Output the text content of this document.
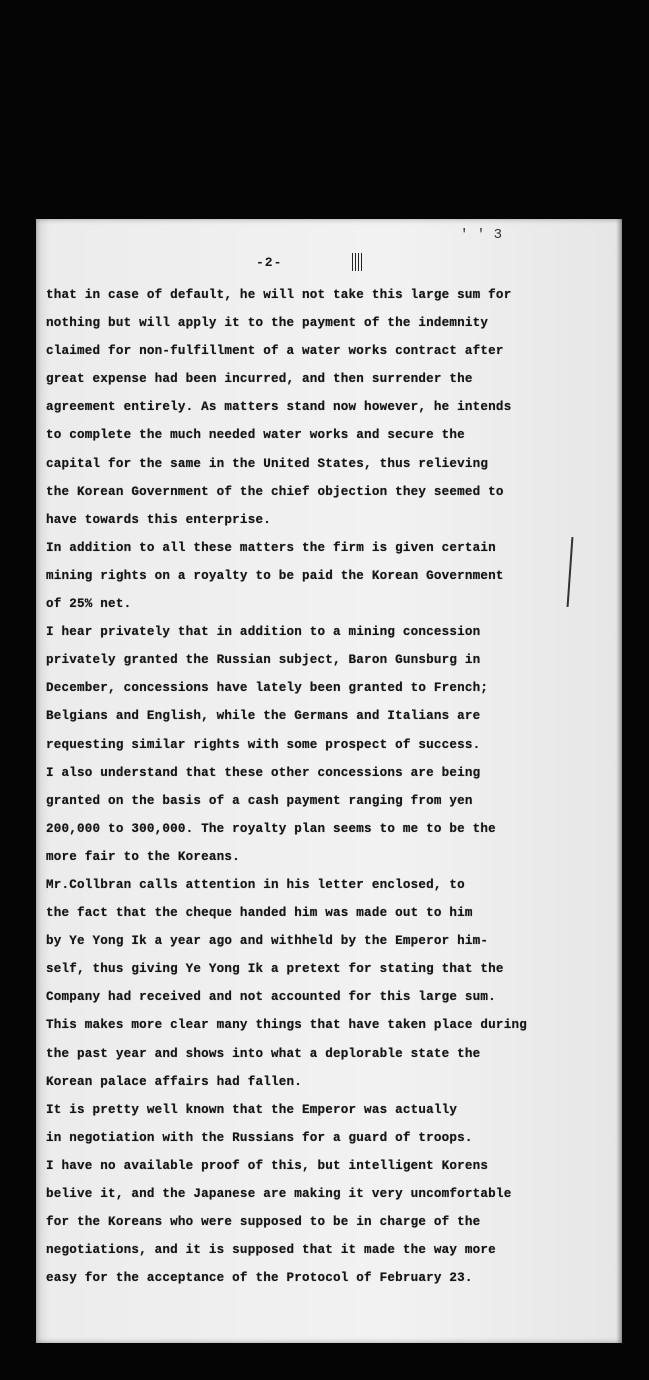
′ ′ 3
-2-
that in case of default, he will not take this large sum for
nothing but will apply it to the payment of the indemnity
claimed for non-fulfillment of a water works contract after
great expense had been incurred, and then surrender the
agreement entirely. As matters stand now however, he intends
to complete the much needed water works and secure the
capital for the same in the United States, thus relieving
the Korean Government of the chief objection they seemed to
have towards this enterprise.
In addition to all these matters the firm is given certain
mining rights on a royalty to be paid the Korean Government
of 25% net.
I hear privately that in addition to a mining concession
privately granted the Russian subject, Baron Gunsburg in
December, concessions have lately been granted to French;
Belgians and English, while the Germans and Italians are
requesting similar rights with some prospect of success.
I also understand that these other concessions are being
granted on the basis of a cash payment ranging from yen
200,000 to 300,000. The royalty plan seems to me to be the
more fair to the Koreans.
Mr.Collbran calls attention in his letter enclosed, to
the fact that the cheque handed him was made out to him
by Ye Yong Ik a year ago and withheld by the Emperor him-
self, thus giving Ye Yong Ik a pretext for stating that the
Company had received and not accounted for this large sum.
This makes more clear many things that have taken place during
the past year and shows into what a deplorable state the
Korean palace affairs had fallen.
It is pretty well known that the Emperor was actually
in negotiation with the Russians for a guard of troops.
I have no available proof of this, but intelligent Korens
belive it, and the Japanese are making it very uncomfortable
for the Koreans who were supposed to be in charge of the
negotiations, and it is supposed that it made the way more
easy for the acceptance of the Protocol of February 23.
